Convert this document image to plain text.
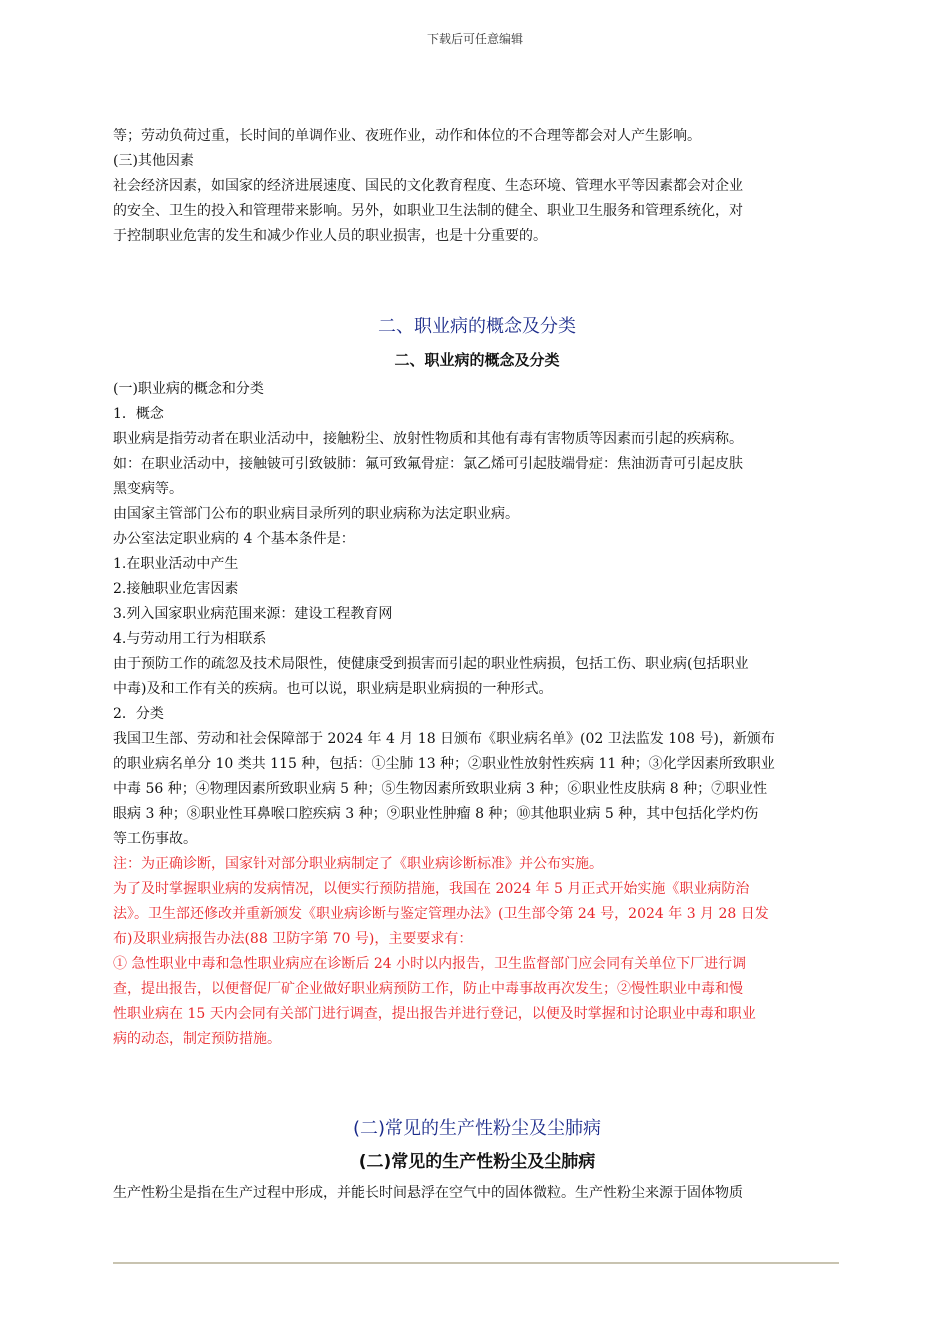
下载后可任意编辑

等；劳动负荷过重，长时间的单调作业、夜班作业，动作和体位的不合理等都会对人产生影响。

(三)其他因素

社会经济因素，如国家的经济进展速度、国民的文化教育程度、生态环境、管理水平等因素都会对企业

的安全、卫生的投入和管理带来影响。另外，如职业卫生法制的健全、职业卫生服务和管理系统化，对

于控制职业危害的发生和减少作业人员的职业损害，也是十分重要的。

二、职业病的概念及分类

二、职业病的概念及分类

(一)职业病的概念和分类

1．概念

职业病是指劳动者在职业活动中，接触粉尘、放射性物质和其他有毒有害物质等因素而引起的疾病称。

如：在职业活动中，接触铍可引致铍肺：氟可致氟骨症：氯乙烯可引起肢端骨症：焦油沥青可引起皮肤

黑变病等。

由国家主管部门公布的职业病目录所列的职业病称为法定职业病。

办公室法定职业病的 4 个基本条件是：

1.在职业活动中产生

2.接触职业危害因素

3.列入国家职业病范围来源：建设工程教育网

4.与劳动用工行为相联系

由于预防工作的疏忽及技术局限性，使健康受到损害而引起的职业性病损，包括工伤、职业病(包括职业

中毒)及和工作有关的疾病。也可以说，职业病是职业病损的一种形式。

2．分类

我国卫生部、劳动和社会保障部于 2024 年 4 月 18 日颁布《职业病名单》(02 卫法监发 108 号)，新颁布

的职业病名单分 10 类共 115 种，包括：①尘肺 13 种；②职业性放射性疾病 11 种；③化学因素所致职业

中毒 56 种；④物理因素所致职业病 5 种；⑤生物因素所致职业病 3 种；⑥职业性皮肤病 8 种；⑦职业性

眼病 3 种；⑧职业性耳鼻喉口腔疾病 3 种；⑨职业性肿瘤 8 种；⑩其他职业病 5 种，其中包括化学灼伤

等工伤事故。

注：为正确诊断，国家针对部分职业病制定了《职业病诊断标准》并公布实施。

为了及时掌握职业病的发病情况，以便实行预防措施，我国在 2024 年 5 月正式开始实施《职业病防治

法》。卫生部还修改并重新颁发《职业病诊断与鉴定管理办法》(卫生部令第 24 号，2024 年 3 月 28 日发

布)及职业病报告办法(88 卫防字第 70 号)，主要要求有：

① 急性职业中毒和急性职业病应在诊断后 24 小时以内报告，卫生监督部门应会同有关单位下厂进行调

查，提出报告，以便督促厂矿企业做好职业病预防工作，防止中毒事故再次发生；②慢性职业中毒和慢

性职业病在 15 天内会同有关部门进行调查，提出报告并进行登记，以便及时掌握和讨论职业中毒和职业

病的动态，制定预防措施。

(二)常见的生产性粉尘及尘肺病

(二)常见的生产性粉尘及尘肺病

生产性粉尘是指在生产过程中形成，并能长时间悬浮在空气中的固体微粒。生产性粉尘来源于固体物质
